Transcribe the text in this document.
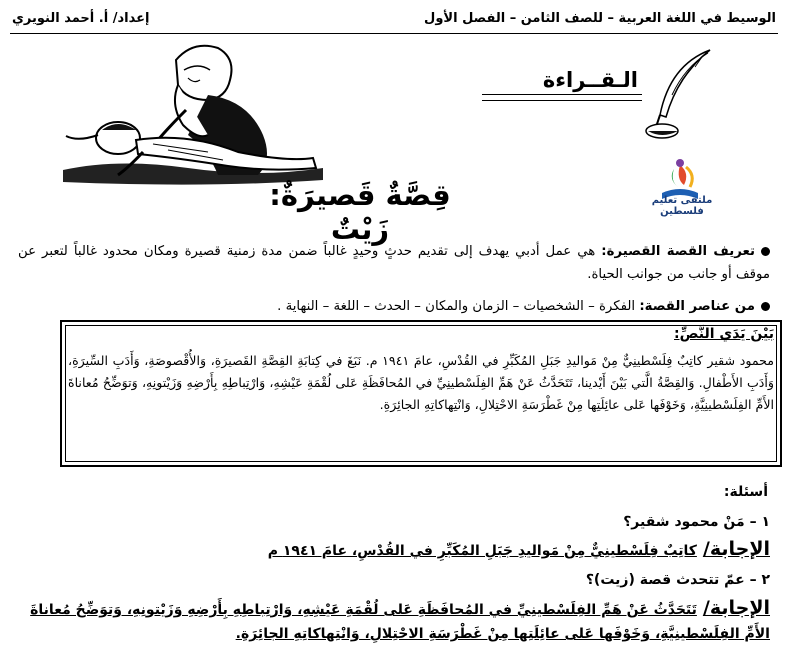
الوسيط في اللغة العربية – للصف الثامن – الفصل الأول
إعداد/ أ. أحمد النويري
الـقــراءة
ملتقى تعليم فلسطين
قِصَّةٌ قَصيرَةٌ: زَيْتٌ
تعريف القصة القصيرة: هي عمل أدبي يهدف إلى تقديم حدثٍ وحيدٍ غالباً ضمن مدة زمنية قصيرة ومكان محدود غالباً لتعبر عن موقف أو جانب من جوانب الحياة.
من عناصر القصة: الفكرة – الشخصيات – الزمان والمكان – الحدث – اللغة – النهاية .
بَيْنَ يَدَي النَّصِّ:
محمود شقير كاتِبٌ فِلَسْطينِيٌّ مِنْ مَواليدِ جَبَلِ المُكَبِّرِ في القُدْسِ، عامَ ١٩٤١ م. نَبَغَ في كِتابَةِ القِصَّةِ القَصيرَةِ، وَالأُقْصوصَةِ، وَأَدَبِ السِّيرَةِ، وَأَدَبِ الأَطْفالِ. وَالقِصَّةُ الَّتي بَيْنَ أَيْدينا، تَتَحَدَّثُ عَنْ هَمِّ الفِلَسْطينِيِّ في المُحافَظَةِ عَلى لُقْمَةِ عَيْشِهِ، وَارْتِباطِهِ بِأَرْضِهِ وَزَيْتونِهِ، وَتوَضِّحُ مُعاناةَ الأَمِّ الفِلَسْطينِيَّةِ، وَخَوْفَها عَلى عائِلَتِها مِنْ غَطْرَسَةِ الاحْتِلالِ، وَانْتِهاكاتِهِ الجائِرَةِ.
أسئلة:
١ – مَنْ محمود شقير؟
الإجابة/كاتِبٌ فِلَسْطينِيٌّ مِنْ مَواليدِ جَبَلِ المُكَبِّرِ في القُدْسِ، عامَ ١٩٤١ م
٢ – عمّ تتحدث قصة (زيت)؟
الإجابة/تَتَحَدَّثُ عَنْ هَمِّ الفِلَسْطينِيِّ في المُحافَظَةِ عَلى لُقْمَةِ عَيْشِهِ، وَارْتِباطِهِ بِأَرْضِهِ وَزَيْتونِهِ، وَتوَضِّحُ مُعاناةَ الأَمِّ الفِلَسْطينِيَّةِ، وَخَوْفَها عَلى عائِلَتِها مِنْ غَطْرَسَةِ الاحْتِلالِ، وَانْتِهاكاتِهِ الجائِرَةِ.
